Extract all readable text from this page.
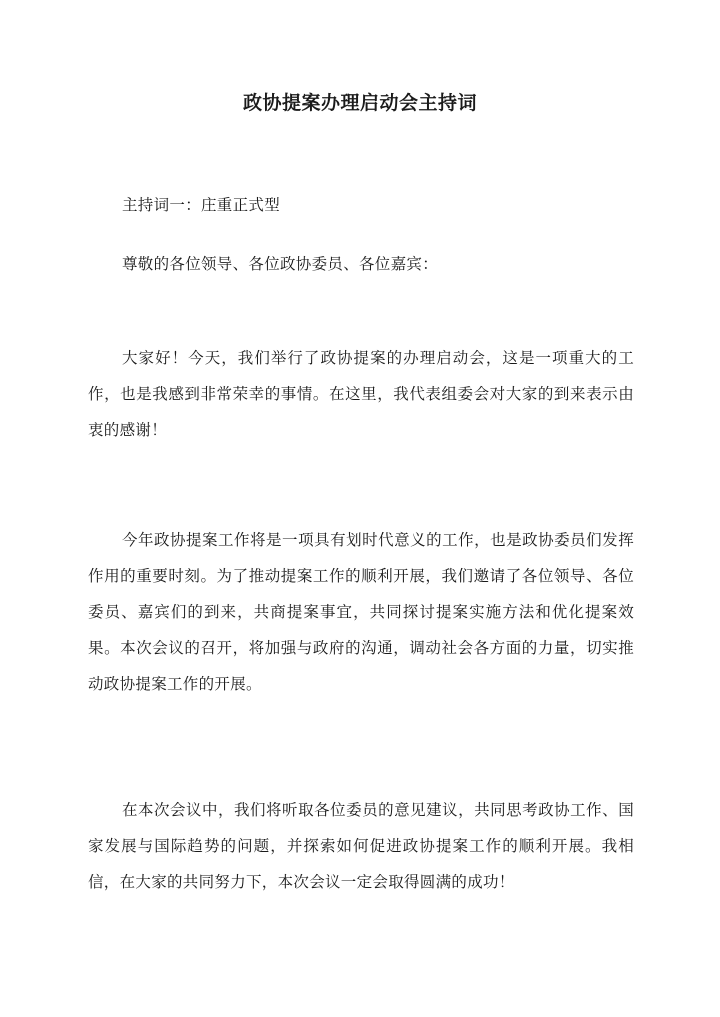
政协提案办理启动会主持词

主持词一：庄重正式型

尊敬的各位领导、各位政协委员、各位嘉宾：

大家好！今天，我们举行了政协提案的办理启动会，这是一项重大的工作，也是我感到非常荣幸的事情。在这里，我代表组委会对大家的到来表示由衷的感谢！

今年政协提案工作将是一项具有划时代意义的工作，也是政协委员们发挥作用的重要时刻。为了推动提案工作的顺利开展，我们邀请了各位领导、各位委员、嘉宾们的到来，共商提案事宜，共同探讨提案实施方法和优化提案效果。本次会议的召开，将加强与政府的沟通，调动社会各方面的力量，切实推动政协提案工作的开展。

在本次会议中，我们将听取各位委员的意见建议，共同思考政协工作、国家发展与国际趋势的问题，并探索如何促进政协提案工作的顺利开展。我相信，在大家的共同努力下，本次会议一定会取得圆满的成功！
